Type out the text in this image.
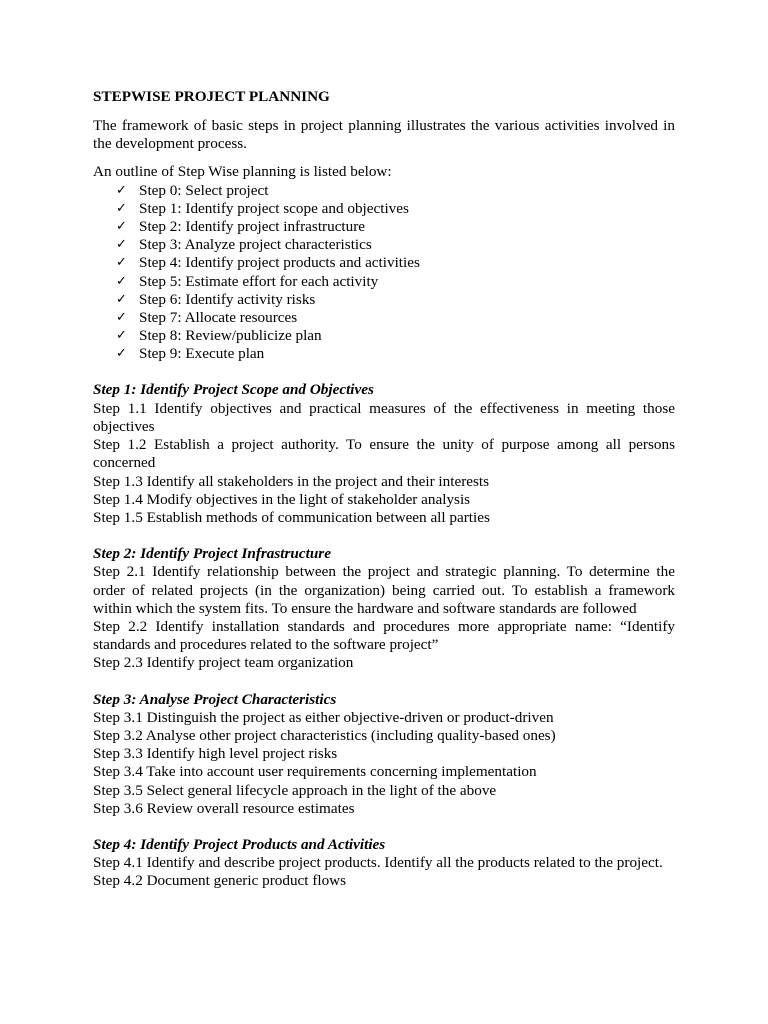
STEPWISE PROJECT PLANNING

The framework of basic steps in project planning illustrates the various activities involved in the development process.

An outline of Step Wise planning is listed below:

✓ Step 0: Select project
✓ Step 1: Identify project scope and objectives
✓ Step 2: Identify project infrastructure
✓ Step 3: Analyze project characteristics
✓ Step 4: Identify project products and activities
✓ Step 5: Estimate effort for each activity
✓ Step 6: Identify activity risks
✓ Step 7: Allocate resources
✓ Step 8: Review/publicize plan
✓ Step 9: Execute plan

Step 1: Identify Project Scope and Objectives

Step 1.1 Identify objectives and practical measures of the effectiveness in meeting those objectives

Step 1.2 Establish a project authority. To ensure the unity of purpose among all persons concerned

Step 1.3 Identify all stakeholders in the project and their interests

Step 1.4 Modify objectives in the light of stakeholder analysis

Step 1.5 Establish methods of communication between all parties

Step 2: Identify Project Infrastructure

Step 2.1 Identify relationship between the project and strategic planning. To determine the order of related projects (in the organization) being carried out. To establish a framework within which the system fits. To ensure the hardware and software standards are followed

Step 2.2 Identify installation standards and procedures more appropriate name: “Identify standards and procedures related to the software project”

Step 2.3 Identify project team organization

Step 3: Analyse Project Characteristics

Step 3.1 Distinguish the project as either objective-driven or product-driven

Step 3.2 Analyse other project characteristics (including quality-based ones)

Step 3.3 Identify high level project risks

Step 3.4 Take into account user requirements concerning implementation

Step 3.5 Select general lifecycle approach in the light of the above

Step 3.6 Review overall resource estimates

Step 4: Identify Project Products and Activities

Step 4.1 Identify and describe project products. Identify all the products related to the project.

Step 4.2 Document generic product flows
